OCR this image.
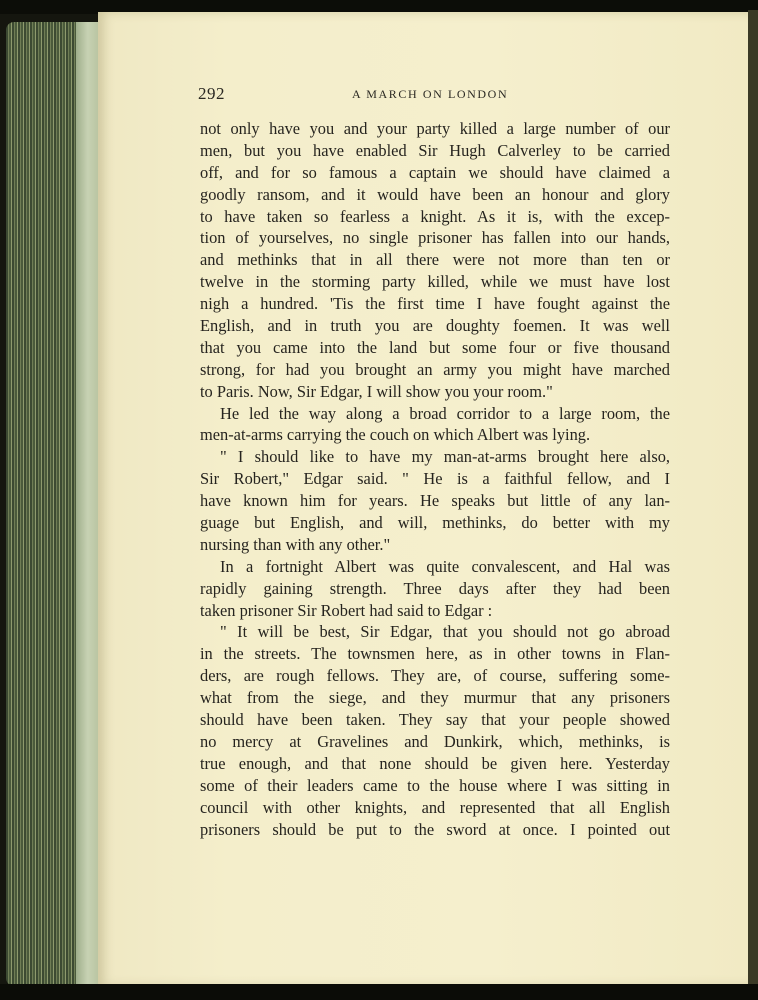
292	A MARCH ON LONDON
not only have you and your party killed a large number of our
men, but you have enabled Sir Hugh Calverley to be carried
off, and for so famous a captain we should have claimed a
goodly ransom, and it would have been an honour and glory
to have taken so fearless a knight. As it is, with the excep-
tion of yourselves, no single prisoner has fallen into our hands,
and methinks that in all there were not more than ten or
twelve in the storming party killed, while we must have lost
nigh a hundred. 'Tis the first time I have fought against the
English, and in truth you are doughty foemen. It was well
that you came into the land but some four or five thousand
strong, for had you brought an army you might have marched
to Paris. Now, Sir Edgar, I will show you your room."
He led the way along a broad corridor to a large room, the
men-at-arms carrying the couch on which Albert was lying.
" I should like to have my man-at-arms brought here also,
Sir Robert," Edgar said. " He is a faithful fellow, and I
have known him for years. He speaks but little of any lan-
guage but English, and will, methinks, do better with my
nursing than with any other."
In a fortnight Albert was quite convalescent, and Hal was
rapidly gaining strength. Three days after they had been
taken prisoner Sir Robert had said to Edgar :
" It will be best, Sir Edgar, that you should not go abroad
in the streets. The townsmen here, as in other towns in Flan-
ders, are rough fellows. They are, of course, suffering some-
what from the siege, and they murmur that any prisoners
should have been taken. They say that your people showed
no mercy at Gravelines and Dunkirk, which, methinks, is
true enough, and that none should be given here. Yesterday
some of their leaders came to the house where I was sitting in
council with other knights, and represented that all English
prisoners should be put to the sword at once. I pointed out
